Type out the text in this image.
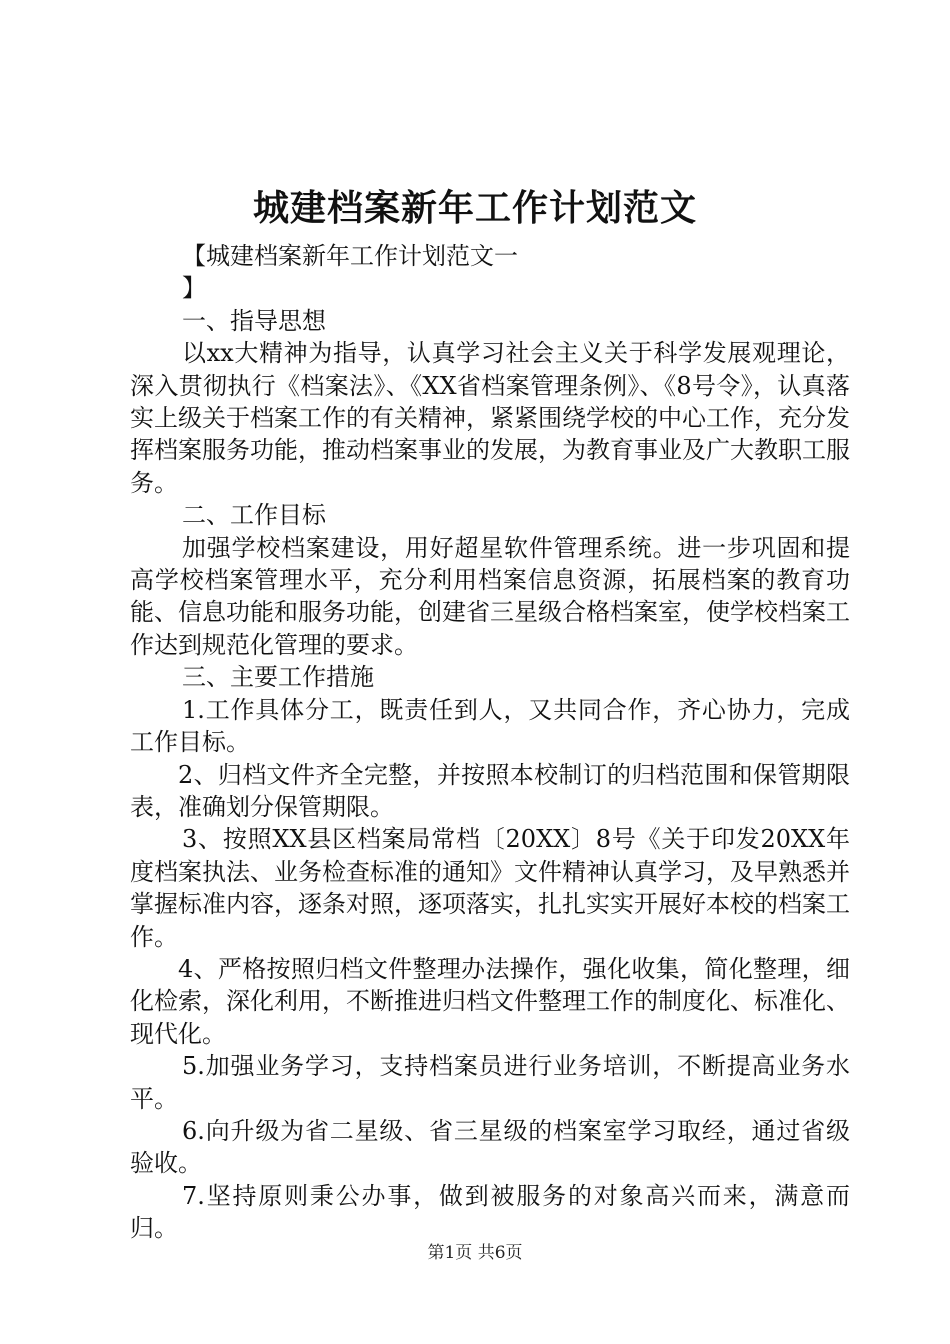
城建档案新年工作计划范文

【城建档案新年工作计划范文一

】

一、指导思想

以xx大精神为指导，认真学习社会主义关于科学发展观理论，深入贯彻执行《档案法》、《XX省档案管理条例》、《8号令》，认真落实上级关于档案工作的有关精神，紧紧围绕学校的中心工作，充分发挥档案服务功能，推动档案事业的发展，为教育事业及广大教职工服务。

二、工作目标

加强学校档案建设，用好超星软件管理系统。进一步巩固和提高学校档案管理水平，充分利用档案信息资源，拓展档案的教育功能、信息功能和服务功能，创建省三星级合格档案室，使学校档案工作达到规范化管理的要求。

三、主要工作措施

1.工作具体分工，既责任到人，又共同合作，齐心协力，完成工作目标。

2、归档文件齐全完整，并按照本校制订的归档范围和保管期限表，准确划分保管期限。

3、按照XX县区档案局常档〔20XX〕8号《关于印发20XX年度档案执法、业务检查标准的通知》文件精神认真学习，及早熟悉并掌握标准内容，逐条对照，逐项落实，扎扎实实开展好本校的档案工作。

4、严格按照归档文件整理办法操作，强化收集，简化整理，细化检索，深化利用，不断推进归档文件整理工作的制度化、标准化、现代化。

5.加强业务学习，支持档案员进行业务培训，不断提高业务水平。

6.向升级为省二星级、省三星级的档案室学习取经，通过省级验收。

7.坚持原则秉公办事，做到被服务的对象高兴而来，满意而归。

第1页 共6页
